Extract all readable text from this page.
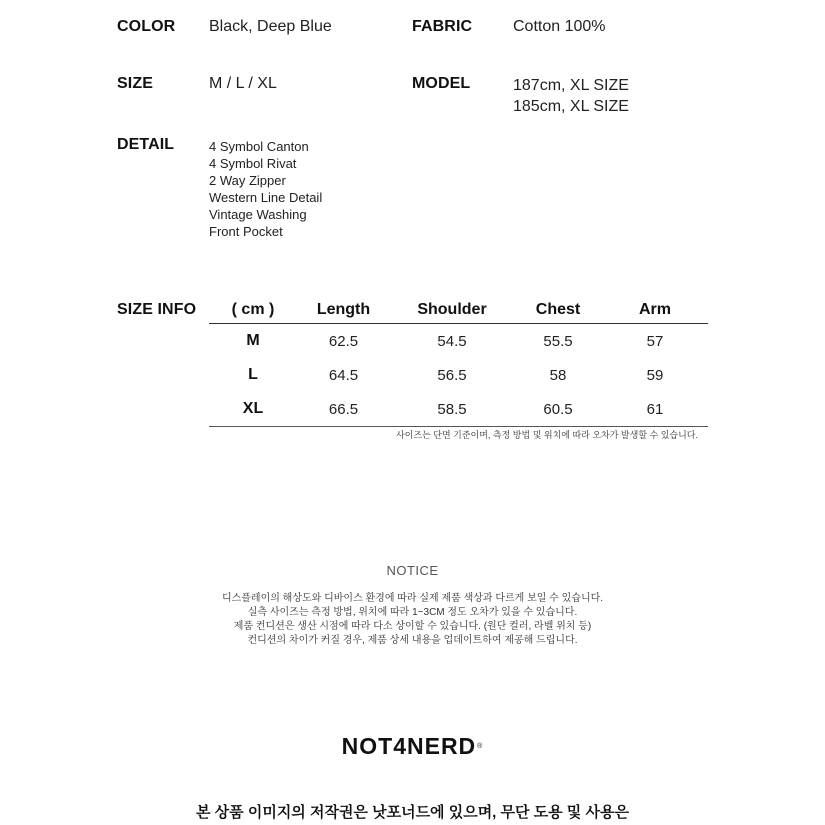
COLOR Black, Deep Blue	FABRIC	Cotton 100%
SIZE	M / L / XL	MODEL	187cm, XL SIZE
185cm, XL SIZE
DETAIL	4 Symbol Canton
4 Symbol Rivat
2 Way Zipper
Western Line Detail
Vintage Washing
Front Pocket
SIZE INFO ( cm )	Length	Shoulder	Chest	Arm
M	62.5	54.5	55.5	57
L	64.5	56.5	58	59
XL	66.5	58.5	60.5	61
사이즈는 단면 기준이며, 측정 방법 및 위치에 따라 오차가 발생할 수 있습니다.
NOTICE
디스플레이의 해상도와 디바이스 환경에 따라 실제 제품 색상과 다르게 보일 수 있습니다.
실측 사이즈는 측정 방법, 위치에 따라 1~3CM 정도 오차가 있을 수 있습니다.
제품 컨디션은 생산 시점에 따라 다소 상이할 수 있습니다. (원단 컬러, 라벨 위치 등)
컨디션의 차이가 커질 경우, 제품 상세 내용을 업데이트하여 제공해 드립니다.
NOT4NERD®
본 상품 이미지의 저작권은 낫포너드에 있으며, 무단 도용 및 사용은
